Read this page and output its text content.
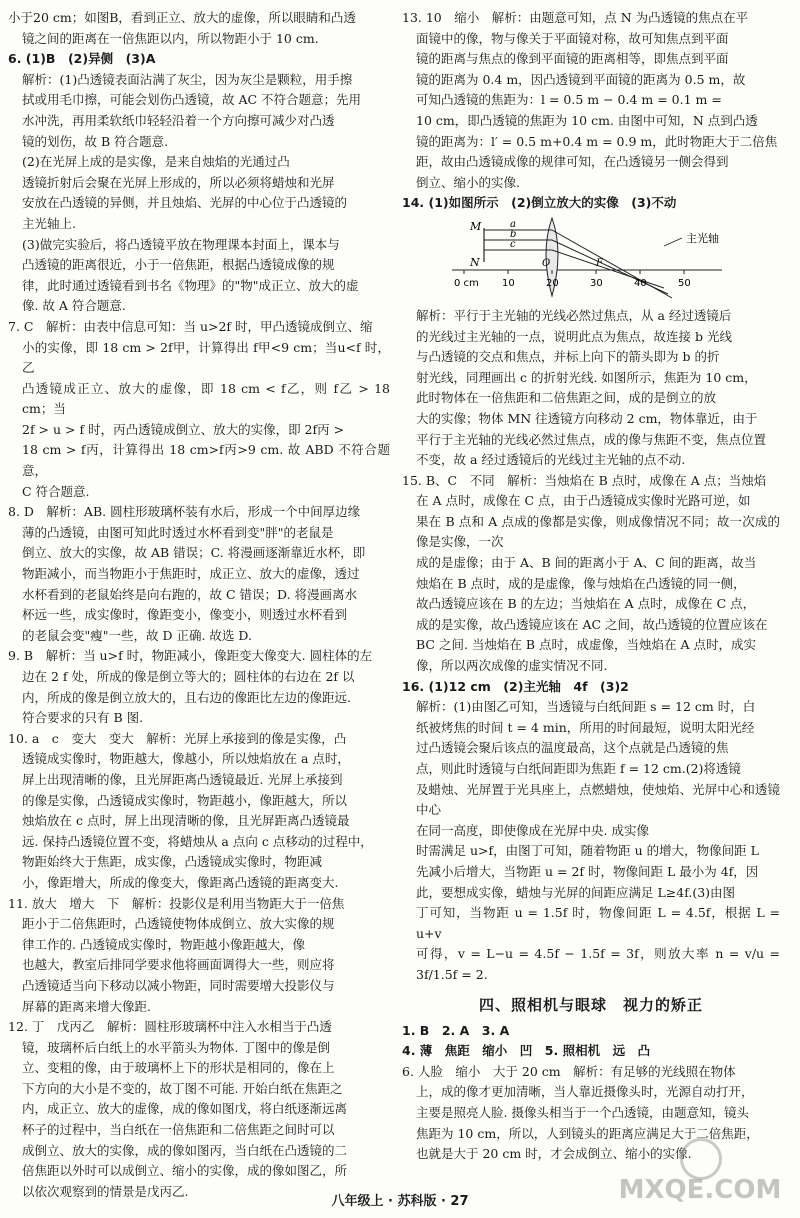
小于20 cm；如图B，看到正立、放大的虚像，所以眼睛和凸透

镜之间的距离在一倍焦距以内，所以物距小于 10 cm.

6. (1)B　(2)异侧　(3)A

解析：(1)凸透镜表面沾满了灰尘，因为灰尘是颗粒，用手擦

拭或用毛巾擦，可能会划伤凸透镜，故 AC 不符合题意；先用

水冲洗，再用柔软纸巾轻轻沿着一个方向擦可减少对凸透

镜的划伤，故 B 符合题意.

(2)在光屏上成的是实像，是来自烛焰的光通过凸

透镜折射后会聚在光屏上形成的，所以必须将蜡烛和光屏

安放在凸透镜的异侧，并且烛焰、光屏的中心位于凸透镜的

主光轴上.

(3)做完实验后，将凸透镜平放在物理课本封面上，课本与

凸透镜的距离很近，小于一倍焦距，根据凸透镜成像的规

律，此时通过透镜看到书名《物理》的"物"成正立、放大的虚

像. 故 A 符合题意.

7. C　解析：由表中信息可知：当 u>2f 时，甲凸透镜成倒立、缩

小的实像，即 18 cm > 2f甲，计算得出 f甲<9 cm；当u<f 时，乙

凸透镜成正立、放大的虚像，即 18 cm < f乙，则 f乙 > 18 cm；当

2f > u > f 时，丙凸透镜成倒立、放大的实像，即 2f丙 >

18 cm > f丙，计算得出 18 cm>f丙>9 cm. 故 ABD 不符合题意，

C 符合题意.

8. D　解析：AB. 圆柱形玻璃杯装有水后，形成一个中间厚边缘

薄的凸透镜，由图可知此时透过水杯看到变"胖"的老鼠是

倒立、放大的实像，故 AB 错误；C. 将漫画逐渐靠近水杯，即

物距减小，而当物距小于焦距时，成正立、放大的虚像，透过

水杯看到的老鼠始终是向右跑的，故 C 错误；D. 将漫画离水

杯远一些，成实像时，像距变小，像变小，则透过水杯看到

的老鼠会变"瘦"一些，故 D 正确. 故选 D.

9. B　解析：当 u>f 时，物距减小，像距变大像变大. 圆柱体的左

边在 2 f 处，所成的像是倒立等大的；圆柱体的右边在 2f 以

内，所成的像是倒立放大的，且右边的像距比左边的像距远.

符合要求的只有 B 图.

10. a　c　变大　变大　解析：光屏上承接到的像是实像，凸

透镜成实像时，物距越大，像越小，所以烛焰放在 a 点时，

屏上出现清晰的像，且光屏距离凸透镜最近. 光屏上承接到

的像是实像，凸透镜成实像时，物距越小，像距越大，所以

烛焰放在 c 点时，屏上出现清晰的像，且光屏距离凸透镜最

远. 保持凸透镜位置不变，将蜡烛从 a 点向 c 点移动的过程中，

物距始终大于焦距，成实像，凸透镜成实像时，物距减

小，像距增大，所成的像变大，像距离凸透镜的距离变大.

11. 放大　增大　下　解析：投影仪是利用当物距大于一倍焦

距小于二倍焦距时，凸透镜使物体成倒立、放大实像的规

律工作的. 凸透镜成实像时，物距越小像距越大，像

也越大，教室后排同学要求他将画面调得大一些，则应将

凸透镜适当向下移动以减小物距，同时需要增大投影仪与

屏幕的距离来增大像距.

12. 丁　戊丙乙　解析：圆柱形玻璃杯中注入水相当于凸透

镜，玻璃杯后白纸上的水平箭头为物体. 丁图中的像是倒

立、变粗的像，由于玻璃杯上下的形状是相同的，像在上

下方向的大小是不变的，故丁图不可能. 开始白纸在焦距之

内，成正立、放大的虚像，成的像如图戊，将白纸逐渐远离

杯子的过程中，当白纸在一倍焦距和二倍焦距之间时可以

成倒立、放大的实像，成的像如图丙，当白纸在凸透镜的二

倍焦距以外时可以成倒立、缩小的实像，成的像如图乙，所

以依次观察到的情景是戊丙乙.

13. 10　缩小　解析：由题意可知，点 N 为凸透镜的焦点在平

面镜中的像，物与像关于平面镜对称，故可知焦点到平面

镜的距离与焦点的像到平面镜的距离相等，即焦点到平面

镜的距离为 0.4 m，因凸透镜到平面镜的距离为 0.5 m，故

可知凸透镜的焦距为：l = 0.5 m − 0.4 m = 0.1 m =

10 cm，即凸透镜的焦距为 10 cm. 由图中可知，N 点到凸透

镜的距离为：l′ = 0.5 m+0.4 m = 0.9 m，此时物距大于二倍焦

距，故由凸透镜成像的规律可知，在凸透镜另一侧会得到

倒立、缩小的实像.

14. (1)如图所示　(2)倒立放大的实像　(3)不动

主光轴
M
N
a
b
c
O	F
0 cm 10	20	30	40	50

解析：平行于主光轴的光线必然过焦点，从 a 经过透镜后

的光线过主光轴的一点，说明此点为焦点，故连接 b 光线

与凸透镜的交点和焦点，并标上向下的箭头即为 b 的折

射光线，同理画出 c 的折射光线. 如图所示，焦距为 10 cm，

此时物体在一倍焦距和二倍焦距之间，成的是倒立的放

大的实像；物体 MN 往透镜方向移动 2 cm，物体靠近，由于

平行于主光轴的光线必然过焦点，成的像与焦距不变，焦点位置

不变，故 a 经过透镜后的光线过主光轴的点不动.

15. B、C　不同　解析：当烛焰在 B 点时，成像在 A 点；当烛焰

在 A 点时，成像在 C 点，由于凸透镜成实像时光路可逆，如

果在 B 点和 A 点成的像都是实像，则成像情况不同；故一次成的像是实像，一次

成的是虚像；由于 A、B 间的距离小于 A、C 间的距离，故当

烛焰在 B 点时，成的是虚像，像与烛焰在凸透镜的同一侧，

故凸透镜应该在 B 的左边；当烛焰在 A 点时，成像在 C 点，

成的是实像，故凸透镜应该在 AC 之间，故凸透镜的位置应该在

BC 之间. 当烛焰在 B 点时，成虚像，当烛焰在 A 点时，成实

像，所以两次成像的虚实情况不同.

16. (1)12 cm　(2)主光轴　4f　(3)2

解析：(1)由图乙可知，当透镜与白纸间距 s = 12 cm 时，白

纸被烤焦的时间 t = 4 min，所用的时间最短，说明太阳光经

过凸透镜会聚后该点的温度最高，这个点就是凸透镜的焦

点，则此时透镜与白纸间距即为焦距 f = 12 cm.(2)将透镜

及蜡烛、光屏置于光具座上，点燃蜡烛，使烛焰、光屏中心和透镜中心

在同一高度，即使像成在光屏中央. 成实像

时需满足 u>f，由图丁可知，随着物距 u 的增大，物像间距 L

先减小后增大，当物距 u = 2f 时，物像间距 L 最小为 4f，因

此，要想成实像，蜡烛与光屏的间距应满足 L≥4f.(3)由图

丁可知，当物距 u = 1.5f 时，物像间距 L = 4.5f，根据 L = u+v

可得，v = L−u = 4.5f − 1.5f = 3f，则放大率 n = v/u = 3f/1.5f = 2.

四、照相机与眼球　视力的矫正

1. B　2. A　3. A

4. 薄　焦距　缩小　凹　5. 照相机　远　凸

6. 人脸　缩小　大于 20 cm　解析：有足够的光线照在物体

上，成的像才更加清晰，当人靠近摄像头时，光源自动打开，

主要是照亮人脸. 摄像头相当于一个凸透镜，由题意知，镜头

焦距为 10 cm，所以，人到镜头的距离应满足大于二倍焦距，

也就是大于 20 cm 时，才会成倒立、缩小的实像.

MXQE.COM
八年级上 · 苏科版 · 27
